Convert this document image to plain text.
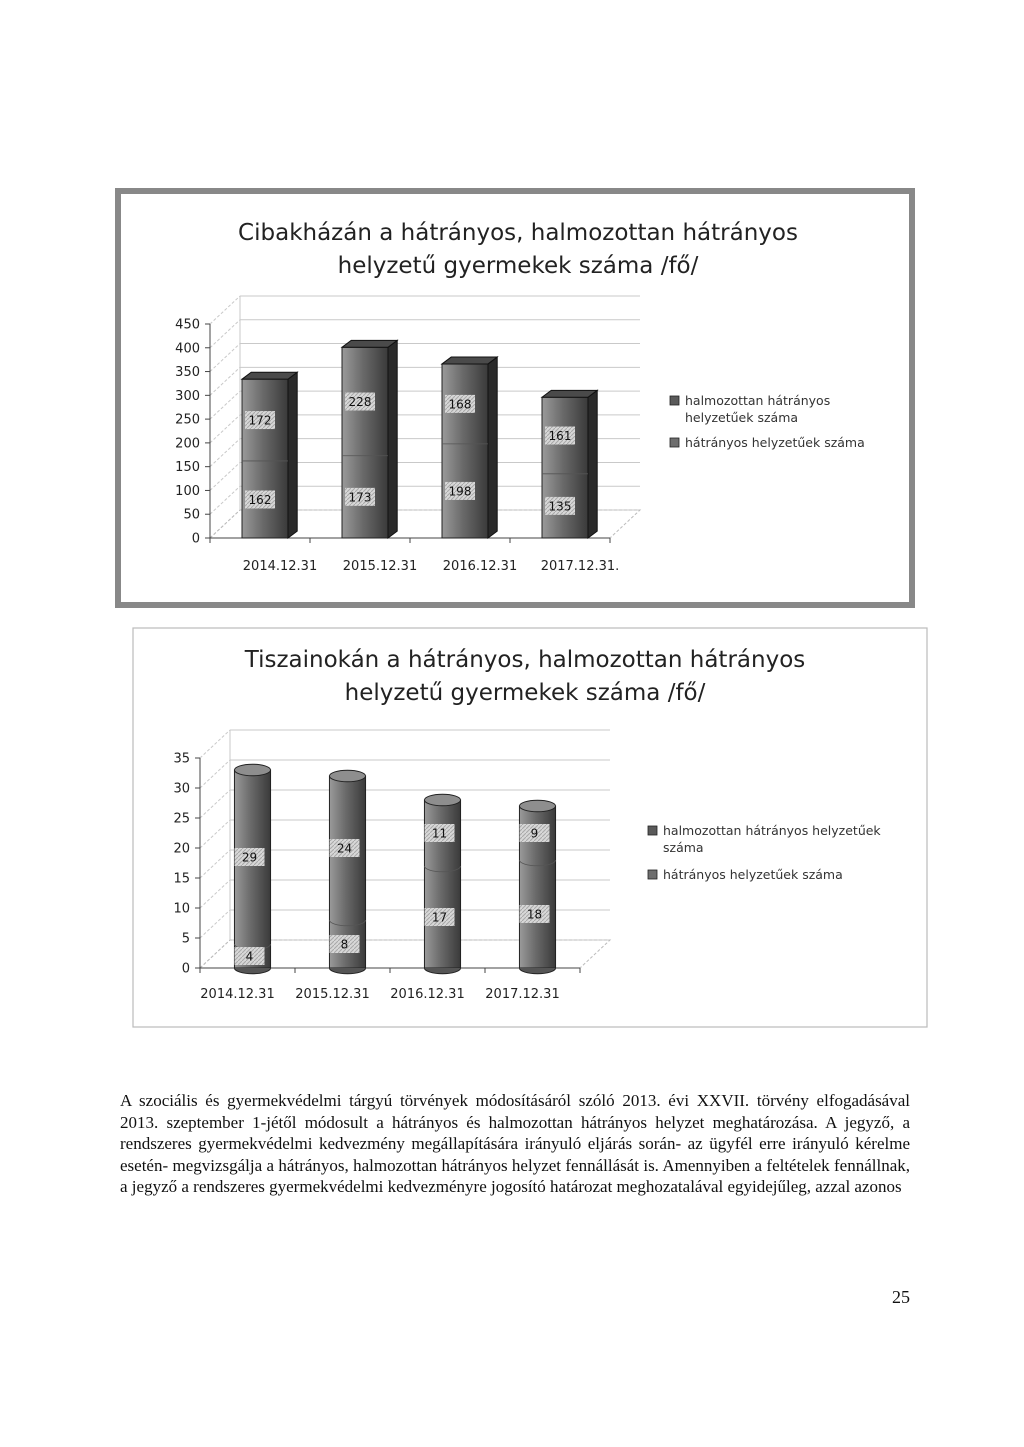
Cibakházán a hátrányos, halmozottan hátrányos
helyzetű gyermekek száma /fő/
0
50
100
150
200
250
300
350
400
450
162
172
2014.12.31
173
228
2015.12.31
198
168
2016.12.31
135
161
2017.12.31.
halmozottan hátrányos
helyzetűek száma
hátrányos helyzetűek száma
Tiszainokán a hátrányos, halmozottan hátrányos
helyzetű gyermekek száma /fő/
0
5
10
15
20
25
30
35
4
29
2014.12.31
8
24
2015.12.31
17
11
2016.12.31
18
9
2017.12.31
halmozottan hátrányos helyzetűek
száma
hátrányos helyzetűek száma

A szociális és gyermekvédelmi tárgyú törvények módosításáról szóló 2013. évi XXVII. törvény elfogadásával 2013. szeptember 1-jétől módosult a hátrányos és halmozottan hátrányos helyzet meghatározása. A jegyző, a rendszeres gyermekvédelmi kedvezmény megállapítására irányuló eljárás során- az ügyfél erre irányuló kérelme esetén- megvizsgálja a hátrányos, halmozottan hátrányos helyzet fennállását is. Amennyiben a feltételek fennállnak, a jegyző a rendszeres gyermekvédelmi kedvezményre jogosító határozat meghozatalával egyidejűleg, azzal azonos

25
